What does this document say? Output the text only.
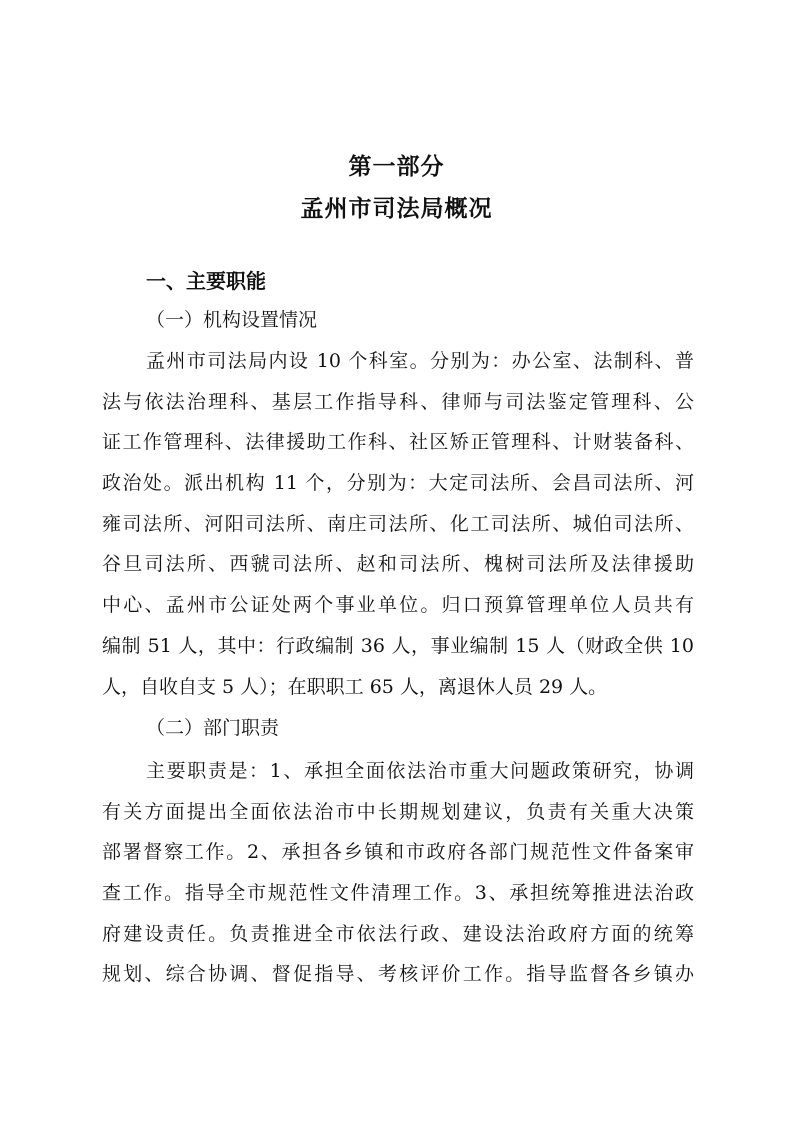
第一部分
孟州市司法局概况
一、主要职能
（一）机构设置情况
孟州市司法局内设 10 个科室。分别为：办公室、法制科、普
法与依法治理科、基层工作指导科、律师与司法鉴定管理科、公
证工作管理科、法律援助工作科、社区矫正管理科、计财装备科、
政治处。派出机构 11 个，分别为：大定司法所、会昌司法所、河
雍司法所、河阳司法所、南庄司法所、化工司法所、城伯司法所、
谷旦司法所、西虢司法所、赵和司法所、槐树司法所及法律援助
中心、孟州市公证处两个事业单位。归口预算管理单位人员共有
编制 51 人，其中：行政编制 36 人，事业编制 15 人（财政全供 10
人，自收自支 5 人）；在职职工 65 人，离退休人员 29 人。
（二）部门职责
主要职责是：1、承担全面依法治市重大问题政策研究，协调
有关方面提出全面依法治市中长期规划建议，负责有关重大决策
部署督察工作。2、承担各乡镇和市政府各部门规范性文件备案审
查工作。指导全市规范性文件清理工作。3、承担统筹推进法治政
府建设责任。负责推进全市依法行政、建设法治政府方面的统筹
规划、综合协调、督促指导、考核评价工作。指导监督各乡镇办
